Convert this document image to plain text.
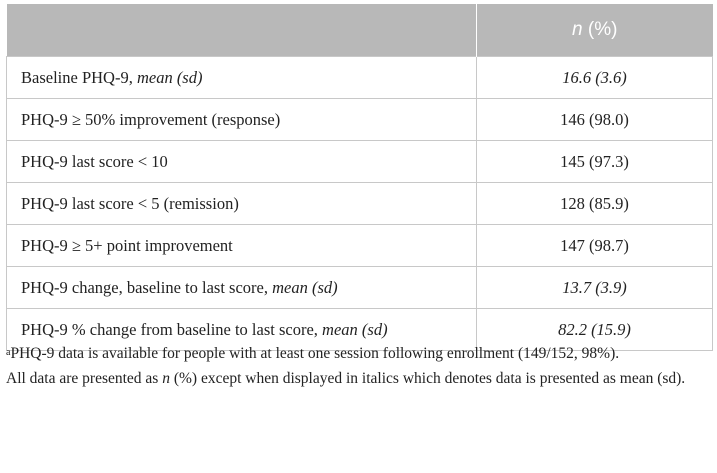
	n (%)
Baseline PHQ-9, mean (sd)	16.6 (3.6)
PHQ-9 ≥ 50% improvement (response)	146 (98.0)
PHQ-9 last score < 10	145 (97.3)
PHQ-9 last score < 5 (remission)	128 (85.9)
PHQ-9 ≥ 5+ point improvement	147 (98.7)
PHQ-9 change, baseline to last score, mean (sd)	13.7 (3.9)
PHQ-9 % change from baseline to last score, mean (sd)	82.2 (15.9)

$^a$PHQ-9 data is available for people with at least one session following enrollment (149/152, 98%).

All data are presented as n (%) except when displayed in italics which denotes data is presented as mean (sd).
